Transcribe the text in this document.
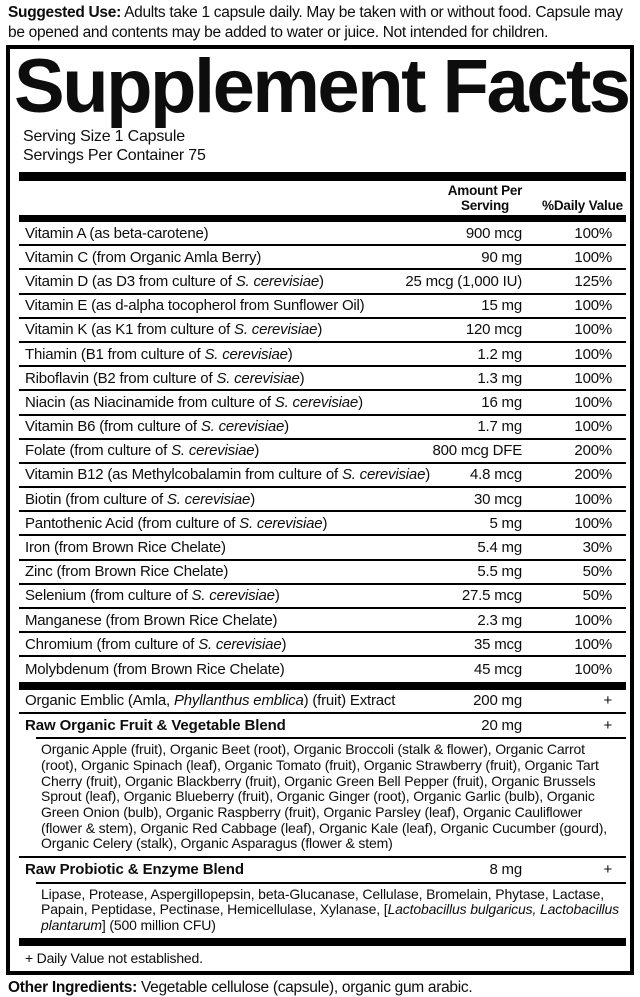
Suggested Use: Adults take 1 capsule daily. May be taken with or without food. Capsule may be opened and contents may be added to water or juice. Not intended for children.

Supplement Facts
Serving Size 1 Capsule
Servings Per Container 75
Amount Per Serving	%Daily Value
Vitamin A (as beta-carotene)	900 mcg	100%
Vitamin C (from Organic Amla Berry)	90 mg	100%
Vitamin D (as D3 from culture of S. cerevisiae)	25 mcg (1,000 IU)	125%
Vitamin E (as d-alpha tocopherol from Sunflower Oil)	15 mg	100%
Vitamin K (as K1 from culture of S. cerevisiae)	120 mcg	100%
Thiamin (B1 from culture of S. cerevisiae)	1.2 mg	100%
Riboflavin (B2 from culture of S. cerevisiae)	1.3 mg	100%
Niacin (as Niacinamide from culture of S. cerevisiae)	16 mg	100%
Vitamin B6 (from culture of S. cerevisiae)	1.7 mg	100%
Folate (from culture of S. cerevisiae)	800 mcg DFE	200%
Vitamin B12 (as Methylcobalamin from culture of S. cerevisiae)	4.8 mcg	200%
Biotin (from culture of S. cerevisiae)	30 mcg	100%
Pantothenic Acid (from culture of S. cerevisiae)	5 mg	100%
Iron (from Brown Rice Chelate)	5.4 mg	30%
Zinc (from Brown Rice Chelate)	5.5 mg	50%
Selenium (from culture of S. cerevisiae)	27.5 mcg	50%
Manganese (from Brown Rice Chelate)	2.3 mg	100%
Chromium (from culture of S. cerevisiae)	35 mcg	100%
Molybdenum (from Brown Rice Chelate)	45 mcg	100%
Organic Emblic (Amla, Phyllanthus emblica) (fruit) Extract	200 mg	+
Raw Organic Fruit & Vegetable Blend	20 mg	+
Organic Apple (fruit), Organic Beet (root), Organic Broccoli (stalk & flower), Organic Carrot (root), Organic Spinach (leaf), Organic Tomato (fruit), Organic Strawberry (fruit), Organic Tart Cherry (fruit), Organic Blackberry (fruit), Organic Green Bell Pepper (fruit), Organic Brussels Sprout (leaf), Organic Blueberry (fruit), Organic Ginger (root), Organic Garlic (bulb), Organic Green Onion (bulb), Organic Raspberry (fruit), Organic Parsley (leaf), Organic Cauliflower (flower & stem), Organic Red Cabbage (leaf), Organic Kale (leaf), Organic Cucumber (gourd), Organic Celery (stalk), Organic Asparagus (flower & stem)
Raw Probiotic & Enzyme Blend	8 mg	+
Lipase, Protease, Aspergillopepsin, beta-Glucanase, Cellulase, Bromelain, Phytase, Lactase, Papain, Peptidase, Pectinase, Hemicellulase, Xylanase, [Lactobacillus bulgaricus, Lactobacillus plantarum] (500 million CFU)
+ Daily Value not established.

Other Ingredients: Vegetable cellulose (capsule), organic gum arabic.
